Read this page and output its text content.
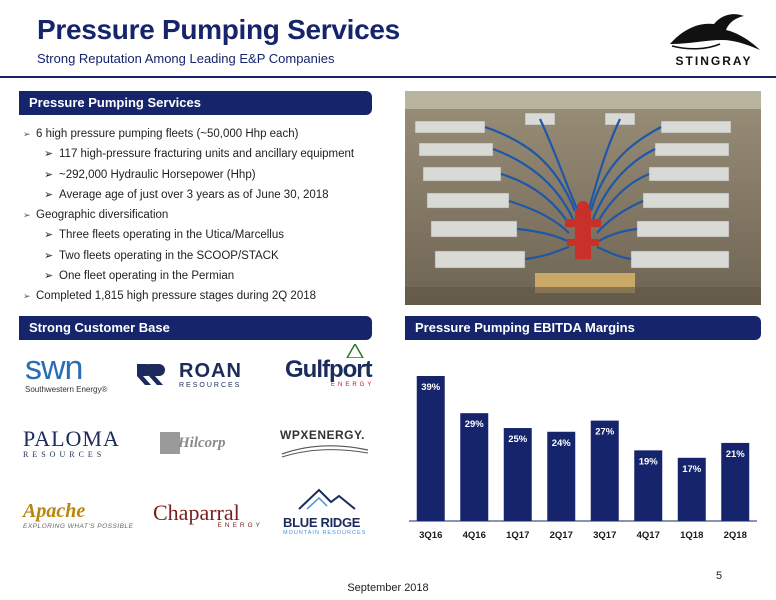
Pressure Pumping Services
Strong Reputation Among Leading E&P Companies	STINGRAY
Pressure Pumping Services
➢ 6 high pressure pumping fleets (~50,000 Hhp each)
➢ 117 high-pressure fracturing units and ancillary equipment
➢ ~292,000 Hydraulic Horsepower (Hhp)
➢ Average age of just over 3 years as of June 30, 2018
➢ Geographic diversification
➢ Three fleets operating in the Utica/Marcellus
➢ Two fleets operating in the SCOOP/STACK
➢ One fleet operating in the Permian
➢ Completed 1,815 high pressure stages during 2Q 2018
Strong Customer Base
swn
Southwestern Energy®
ROAN
RESOURCES
Gulfport
ENERGY
PALOMA
RESOURCES
Hilcorp	WPXENERGY.
Apache
EXPLORING WHAT'S POSSIBLE
Chaparral
ENERGY BLUE RIDGE
MOUNTAIN RESOURCES
Pressure Pumping EBITDA Margins
39%
3Q16
29%
4Q16
25%
1Q17
24%
2Q17
27%
3Q17
19%
4Q17
17%
1Q18
21%
2Q18
5
September 2018
